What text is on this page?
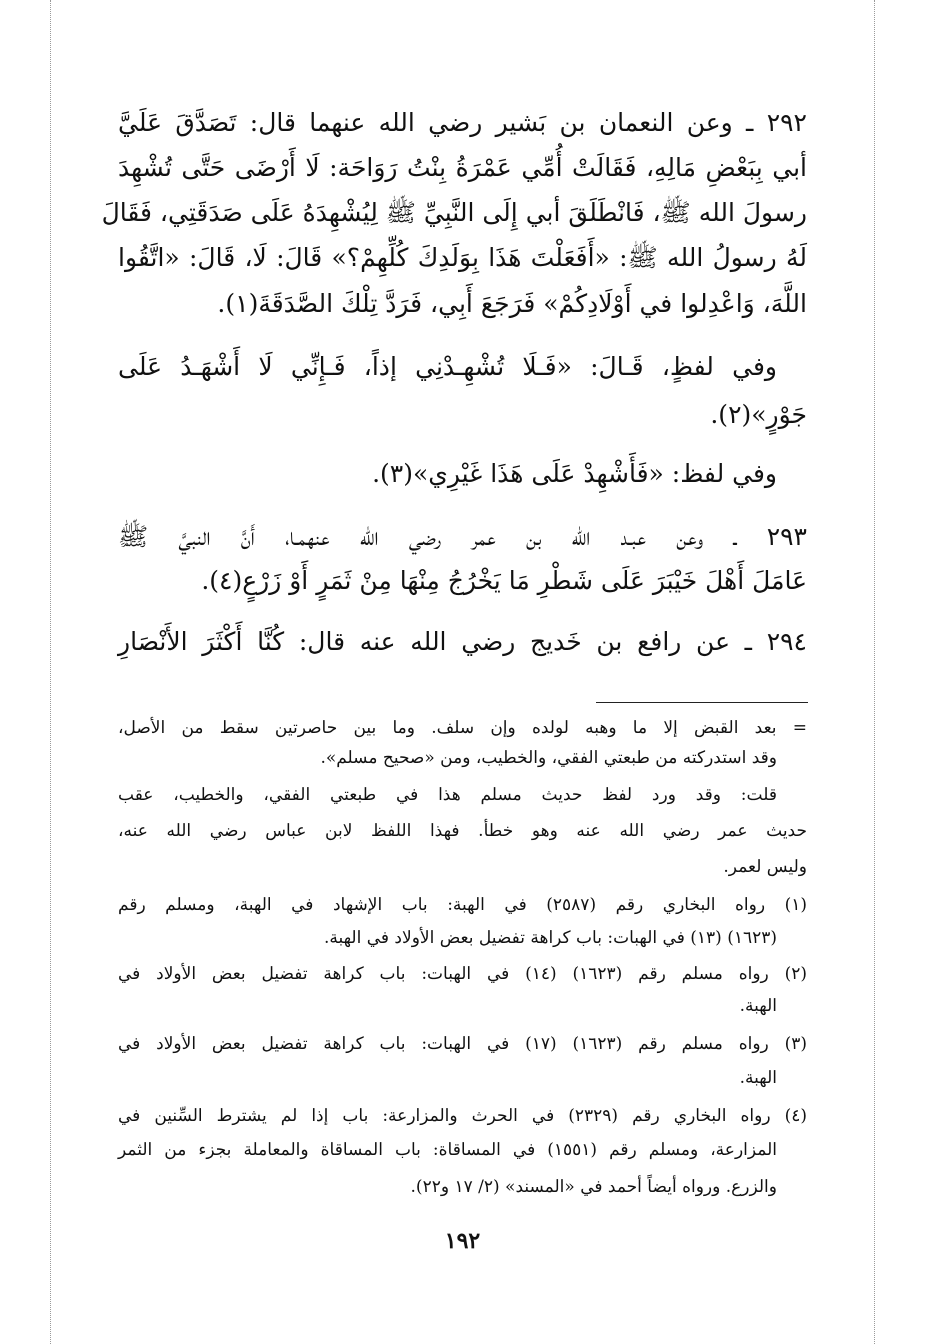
٢٩٢ ـ وعن النعمان بن بَشير رضي الله عنهما قال: تَصَدَّقَ عَلَيَّ
أبي بِبَعْضِ مَالِهِ، فَقَالَتْ أُمِّي عَمْرَةُ بِنْتُ رَوَاحَة: لَا أَرْضَى حَتَّى تُشْهِدَ
رسولَ الله ﷺ، فَانْطَلَقَ أبي إِلَى النَّبِيِّ ﷺ لِيُشْهِدَهُ عَلَى صَدَقَتِي، فَقَالَ
لَهُ رسولُ الله ﷺ: «أَفَعَلْتَ هَذَا بِوَلَدِكَ كُلِّهِمْ؟» قَالَ: لَا، قَالَ: «اتَّقُوا
اللَّهَ، وَاعْدِلوا في أَوْلَادِكُمْ» فَرَجَعَ أَبِي، فَرَدَّ تِلْكَ الصَّدَقَةَ(١).
وفي لفظٍ، قَـالَ: «فَـلَا تُشْهِـدْنِي إذاً، فَـإِنِّي لَا أَشْهَـدُ عَلَى
جَوْرٍ»(٢).
وفي لفظ: «فَأَشْهِدْ عَلَى هَذَا غَيْرِي»(٣).
٢٩٣ ـ وعن عبـد الله بن عمر رضي الله عنهمـا، أَنَّ النبيَّ ﷺ
عَامَلَ أَهْلَ خَيْبَرَ عَلَى شَطْرِ مَا يَخْرُجُ مِنْهَا مِنْ ثَمَرٍ أَوْ زَرْعٍ(٤).
٢٩٤ ـ عن رافع بن خَديج رضي الله عنه قال: كُنَّا أَكْثَرَ الأَنْصَارِ
= بعد القبض إلا ما وهبه لولده وإن سلف. وما بين حاصرتين سقط من الأصل،
وقد استدركته من طبعتي الفقي، والخطيب، ومن «صحيح مسلم».
قلت: وقد ورد لفظ حديث مسلم هذا في طبعتي الفقي، والخطيب، عقب
حديث عمر رضي الله عنه وهو خطأ. فهذا اللفظ لابن عباس رضي الله عنه،
وليس لعمر.
(١) رواه البخاري رقم (٢٥٨٧) في الهبة: باب الإشهاد في الهبة، ومسلم رقم
(١٦٢٣) (١٣) في الهبات: باب كراهة تفضيل بعض الأولاد في الهبة.
(٢) رواه مسلم رقم (١٦٢٣) (١٤) في الهبات: باب كراهة تفضيل بعض الأولاد في
الهبة.
(٣) رواه مسلم رقم (١٦٢٣) (١٧) في الهبات: باب كراهة تفضيل بعض الأولاد في
الهبة.
(٤) رواه البخاري رقم (٢٣٢٩) في الحرث والمزارعة: باب إذا لم يشترط السِّنين في
المزارعة، ومسلم رقم (١٥٥١) في المساقاة: باب المساقاة والمعاملة بجزء من الثمر
والزرع. ورواه أيضاً أحمد في «المسند» (٢/ ١٧ و٢٢).
١٩٢
